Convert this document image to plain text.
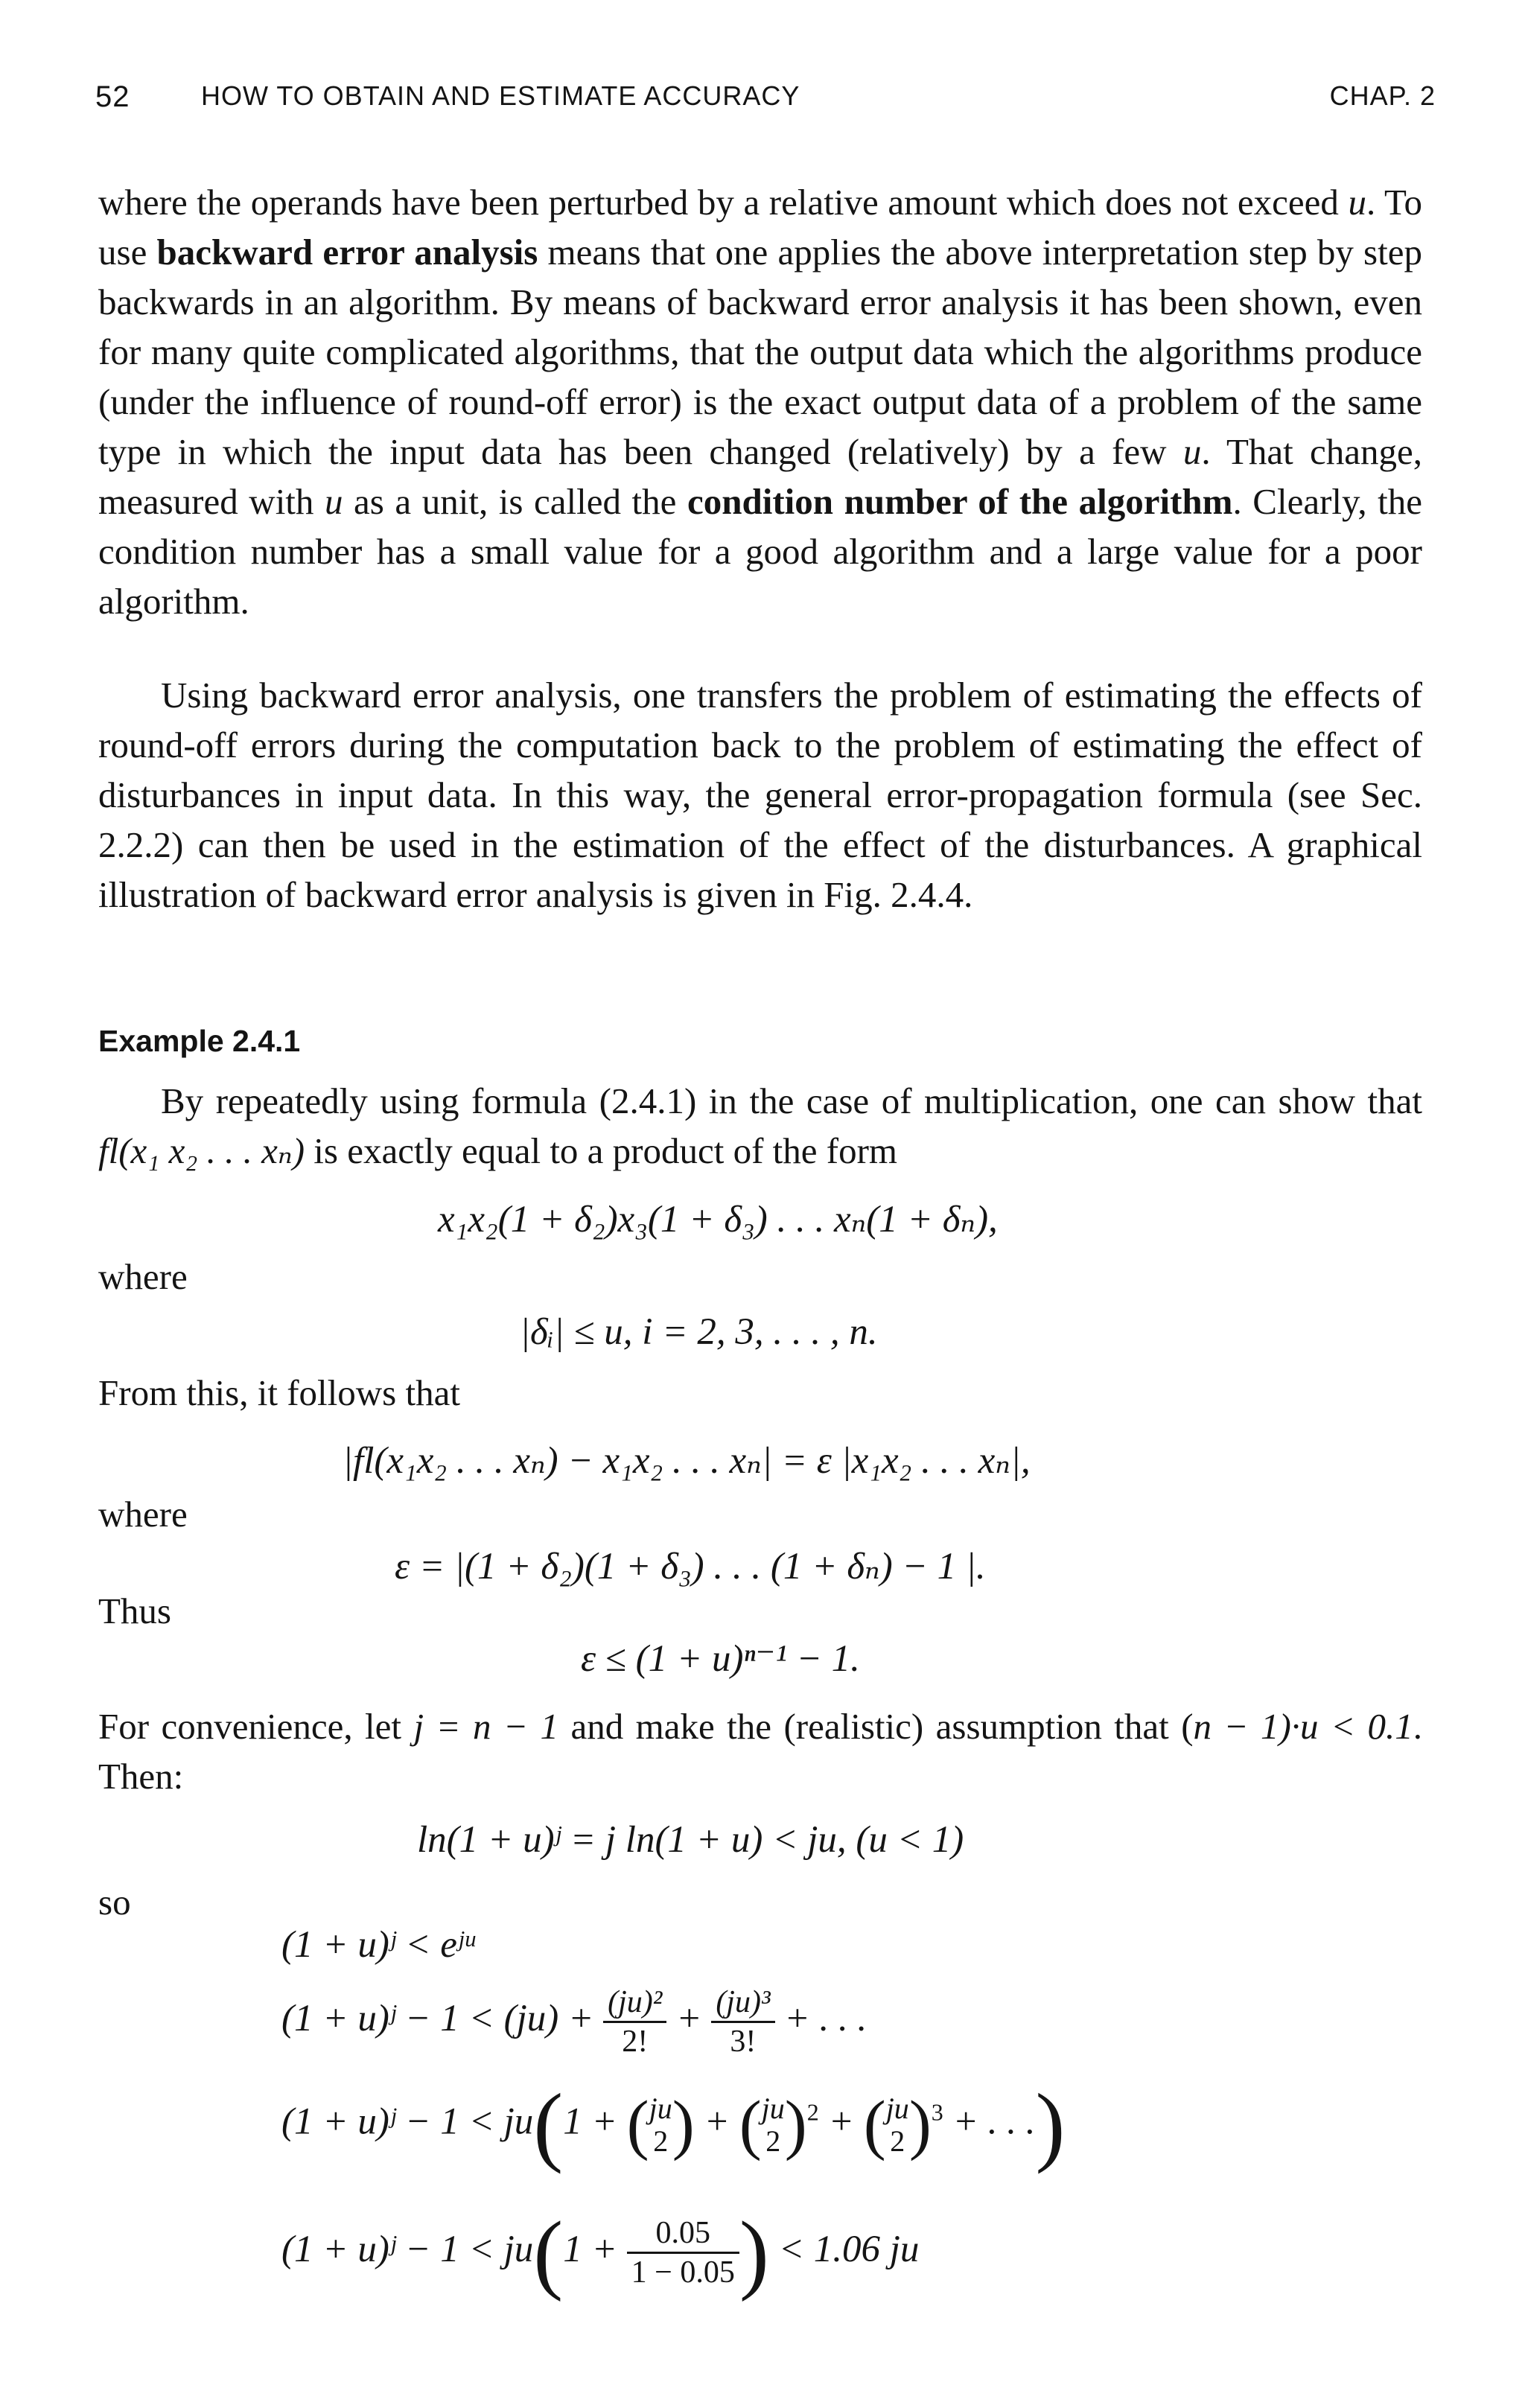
52	HOW TO OBTAIN AND ESTIMATE ACCURACY	CHAP. 2

where the operands have been perturbed by a relative amount which does not exceed u. To use backward error analysis means that one applies the above interpretation step by step backwards in an algorithm. By means of backward error analysis it has been shown, even for many quite complicated algorithms, that the output data which the algorithms produce (under the influence of round-off error) is the exact output data of a problem of the same type in which the input data has been changed (relatively) by a few u. That change, measured with u as a unit, is called the condition number of the algorithm. Clearly, the condition number has a small value for a good algorithm and a large value for a poor algorithm.

Using backward error analysis, one transfers the problem of estimating the effects of round-off errors during the computation back to the problem of estimating the effect of disturbances in input data. In this way, the general error-propagation formula (see Sec. 2.2.2) can then be used in the estimation of the effect of the disturbances. A graphical illustration of backward error analysis is given in Fig. 2.4.4.

Example 2.4.1

By repeatedly using formula (2.4.1) in the case of multiplication, one can show that fl(x₁ x₂ . . . xₙ) is exactly equal to a product of the form

x₁x₂(1 + δ₂)x₃(1 + δ₃) . . . xₙ(1 + δₙ),
where
|δᵢ| ≤ u, i = 2, 3, . . . , n.
From this, it follows that
|fl(x₁x₂ . . . xₙ) − x₁x₂ . . . xₙ| = ε |x₁x₂ . . . xₙ|,
where
ε = |(1 + δ₂)(1 + δ₃) . . . (1 + δₙ) − 1 |.
Thus
ε ≤ (1 + u)ⁿ⁻¹ − 1.

For convenience, let j = n − 1 and make the (realistic) assumption that (n − 1)·u < 0.1. Then:

ln(1 + u)ʲ = j ln(1 + u) < ju, (u < 1)
so
(1 + u)ʲ < eʲᵘ
(1 + u)ʲ − $1 < (ju) + \frac{\text{(ju)²}}{2!} + \frac{\text{(ju)³}}{3!}$ + . . .
(1 + u)ʲ − 1 < ju(1 + (ju
2 ) + (ju
2 )$^2$ + (ju
2 )$^3$ + . . .)
(1 + u)ʲ − $1 < ju(1 + \frac{0.05}{1 - 0.05}$ ) < 1.06 ju
